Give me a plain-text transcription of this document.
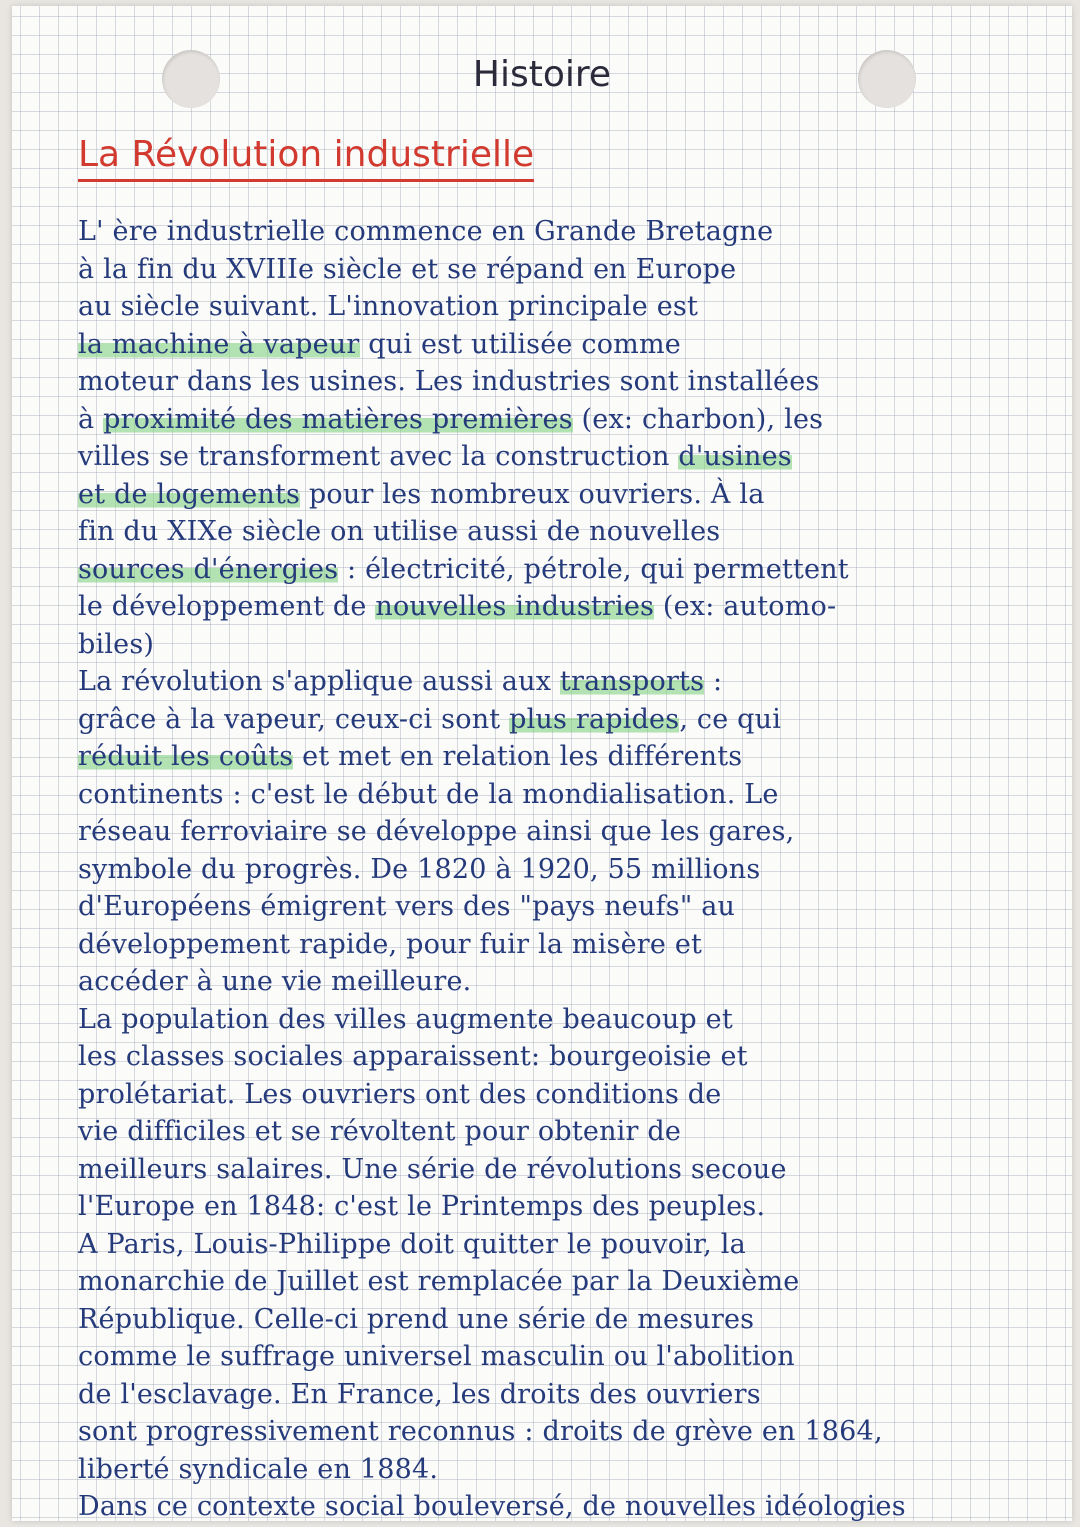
Histoire
La Révolution industrielle
L' ère industrielle commence en Grande Bretagne
à la fin du XVIIIe siècle et se répand en Europe
au siècle suivant. L'innovation principale est
la machine à vapeur qui est utilisée comme
moteur dans les usines. Les industries sont installées
à proximité des matières premières (ex: charbon), les
villes se transforment avec la construction d'usines
et de logements pour les nombreux ouvriers. À la
fin du XIXe siècle on utilise aussi de nouvelles
sources d'énergies : électricité, pétrole, qui permettent
le développement de nouvelles industries (ex: automo-
biles)
La révolution s'applique aussi aux transports :
grâce à la vapeur, ceux-ci sont plus rapides, ce qui
réduit les coûts et met en relation les différents
continents : c'est le début de la mondialisation. Le
réseau ferroviaire se développe ainsi que les gares,
symbole du progrès. De 1820 à 1920, 55 millions
d'Européens émigrent vers des "pays neufs" au
développement rapide, pour fuir la misère et
accéder à une vie meilleure.
La population des villes augmente beaucoup et
les classes sociales apparaissent: bourgeoisie et
prolétariat. Les ouvriers ont des conditions de
vie difficiles et se révoltent pour obtenir de
meilleurs salaires. Une série de révolutions secoue
l'Europe en 1848: c'est le Printemps des peuples.
A Paris, Louis-Philippe doit quitter le pouvoir, la
monarchie de Juillet est remplacée par la Deuxième
République. Celle-ci prend une série de mesures
comme le suffrage universel masculin ou l'abolition
de l'esclavage. En France, les droits des ouvriers
sont progressivement reconnus : droits de grève en 1864,
liberté syndicale en 1884.
Dans ce contexte social bouleversé, de nouvelles idéologies
